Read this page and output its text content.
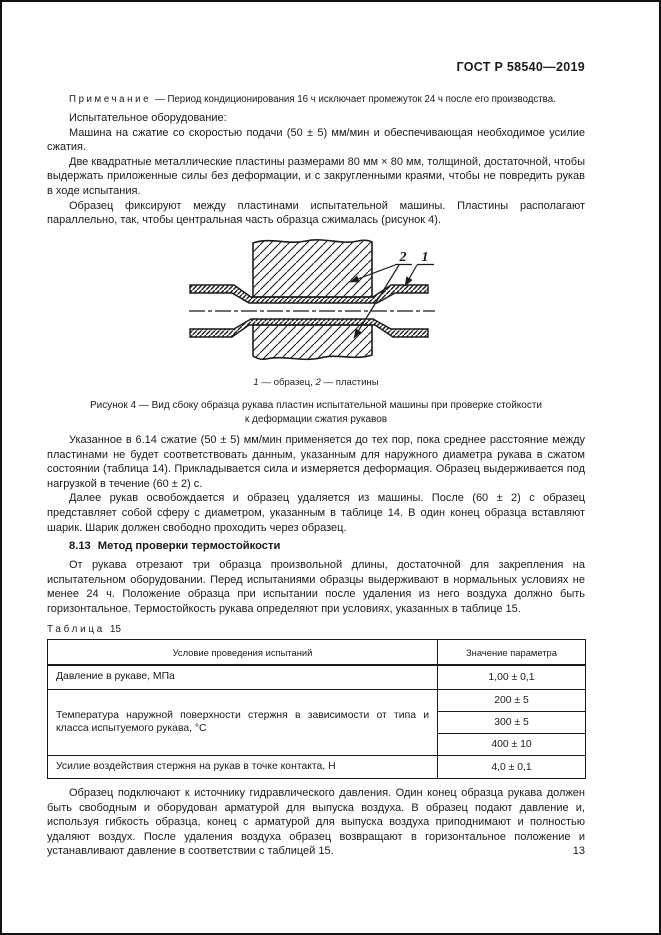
ГОСТ Р 58540—2019
Примечание — Период кондиционирования 16 ч исключает промежуток 24 ч после его производства.

Испытательное оборудование:

Машина на сжатие со скоростью подачи (50 ± 5) мм/мин и обеспечивающая необходимое усилие сжатия.

Две квадратные металлические пластины размерами 80 мм × 80 мм, толщиной, достаточной, чтобы выдержать приложенные силы без деформации, и с закругленными краями, чтобы не повредить рукав в ходе испытания.

Образец фиксируют между пластинами испытательной машины. Пластины располагают параллельно, так, чтобы центральная часть образца сжималась (рисунок 4).

2 1
1 — образец, 2 — пластины
Рисунок 4 — Вид сбоку образца рукава пластин испытательной машины при проверке стойкости
к деформации сжатия рукавов

Указанное в 6.14 сжатие (50 ± 5) мм/мин применяется до тех пор, пока среднее расстояние между пластинами не будет соответствовать данным, указанным для наружного диаметра рукава в сжатом состоянии (таблица 14). Прикладывается сила и измеряется деформация. Образец выдерживается под нагрузкой в течение (60 ± 2) с.

Далее рукав освобождается и образец удаляется из машины. После (60 ± 2) с образец представляет собой сферу с диаметром, указанным в таблице 14. В один конец образца вставляют шарик. Шарик должен свободно проходить через образец.

8.13 Метод проверки термостойкости

От рукава отрезают три образца произвольной длины, достаточной для закрепления на испытательном оборудовании. Перед испытаниями образцы выдерживают в нормальных условиях не менее 24 ч. Положение образца при испытании после удаления из него воздуха должно быть горизонтальное. Термостойкость рукава определяют при условиях, указанных в таблице 15.

Таблица 15
Условие проведения испытаний	Значение параметра
Давление в рукаве, МПа	1,00 ± 0,1
Температура наружной поверхности стержня в зависимости от типа и класса испытуемого рукава, °С	200 ± 5
	300 ± 5
	400 ± 10
Усилие воздействия стержня на рукав в точке контакта, Н	4,0 ± 0,1

Образец подключают к источнику гидравлического давления. Один конец образца рукава должен быть свободным и оборудован арматурой для выпуска воздуха. В образец подают давление и, используя гибкость образца, конец с арматурой для выпуска воздуха приподнимают и полностью удаляют воздух. После удаления воздуха образец возвращают в горизонтальное положение и устанавливают давление в соответствии с таблицей 15.	13
